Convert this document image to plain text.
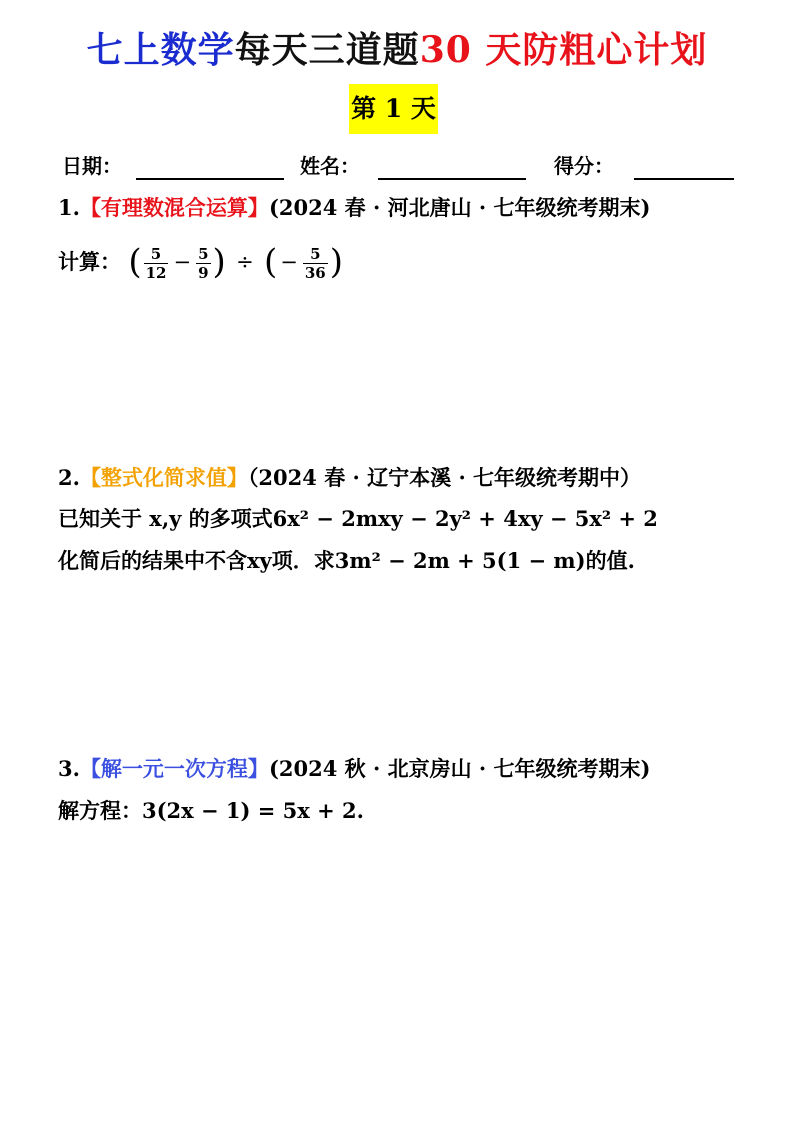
七上数学每天三道题30 天防粗心计划
第 1 天
日期：	姓名：	得分：
1.【有理数混合运算】(2024 春 · 河北唐山 · 七年级统考期末)
计算： ( $\frac{5}{12} - \frac{5}{9}$ ) ÷ ( − $\frac{5}{36}$ )
2.【整式化简求值】（2024 春 · 辽宁本溪 · 七年级统考期中）
已知关于 x,y 的多项式6x² − 2mxy − 2y² + 4xy − 5x² + 2
化简后的结果中不含xy项．求3m² − 2m + 5(1 − m)的值.
3.【解一元一次方程】(2024 秋 · 北京房山 · 七年级统考期末)
解方程：3(2x − 1) = 5x + 2.
